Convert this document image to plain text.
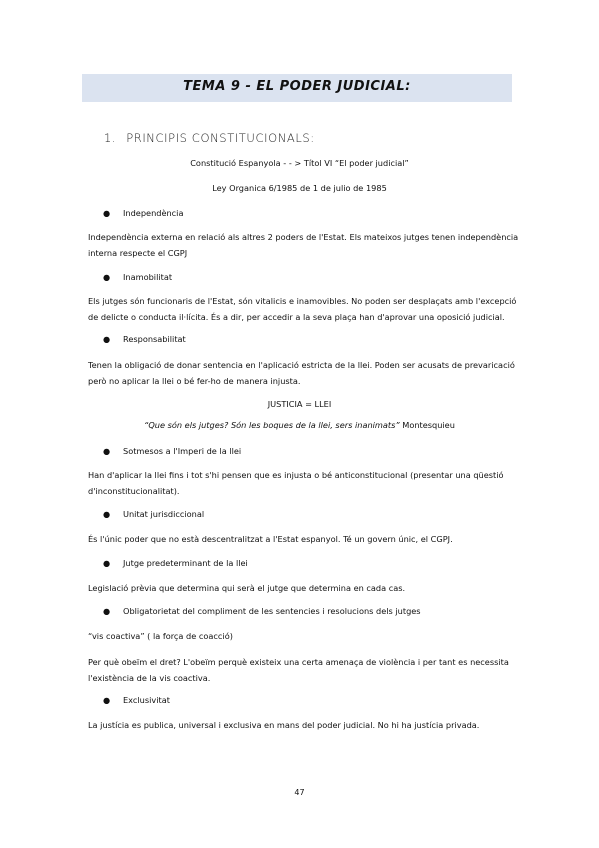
TEMA 9 - EL PODER JUDICIAL:
1. PRINCIPIS CONSTITUCIONALS:
Constitució Espanyola - - > Títol VI “El poder judicial”
Ley Organica 6/1985 de 1 de julio de 1985
● Independència
Independència externa en relació als altres 2 poders de l'Estat. Els mateixos jutges tenen independència
interna respecte el CGPJ
● Inamobilitat
Els jutges són funcionaris de l'Estat, són vitalicis e inamovibles. No poden ser desplaçats amb l'excepció
de delicte o conducta il·lícita. És a dir, per accedir a la seva plaça han d'aprovar una oposició judicial.
● Responsabilitat
Tenen la obligació de donar sentencia en l'aplicació estricta de la llei. Poden ser acusats de prevaricació
però no aplicar la llei o bé fer-ho de manera injusta.
JUSTICIA = LLEI
“Que són els jutges? Són les boques de la llei, sers inanimats” Montesquieu
● Sotmesos a l'Imperi de la llei
Han d'aplicar la llei fins i tot s'hi pensen que es injusta o bé anticonstitucional (presentar una qüestió
d'inconstitucionalitat).
● Unitat jurisdiccional
És l'únic poder que no està descentralitzat a l'Estat espanyol. Té un govern únic, el CGPJ.
● Jutge predeterminant de la llei
Legislació prèvia que determina qui serà el jutge que determina en cada cas.
● Obligatorietat del compliment de les sentencies i resolucions dels jutges
“vis coactiva” ( la força de coacció)
Per què obeïm el dret? L'obeïm perquè existeix una certa amenaça de violència i per tant es necessita
l'existència de la vis coactiva.
● Exclusivitat
La justícia es publica, universal i exclusiva en mans del poder judicial. No hi ha justícia privada.
47
